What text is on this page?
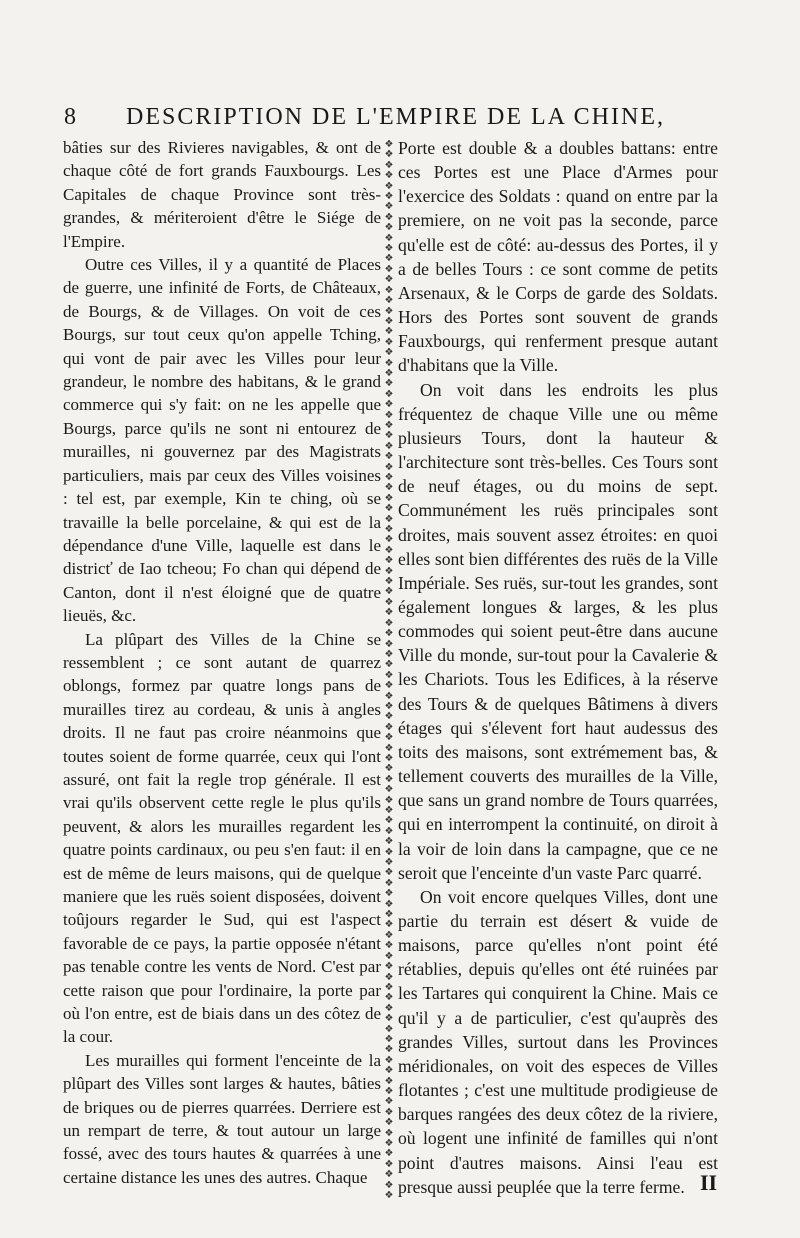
8 DESCRIPTION DE L'EMPIRE DE LA CHINE,

bâties sur des Rivieres navigables, & ont de chaque côté de fort grands Fauxbourgs. Les Capitales de chaque Province sont très-grandes, & mériteroient d'être le Siége de l'Empire.

Outre ces Villes, il y a quantité de Places de guerre, une infinité de Forts, de Châteaux, de Bourgs, & de Villages. On voit de ces Bourgs, sur tout ceux qu'on appelle Tching, qui vont de pair avec les Villes pour leur grandeur, le nombre des habitans, & le grand commerce qui s'y fait: on ne les appelle que Bourgs, parce qu'ils ne sont ni entourez de murailles, ni gouvernez par des Magistrats particuliers, mais par ceux des Villes voisines : tel est, par exemple, Kin te ching, où se travaille la belle porcelaine, & qui est de la dépendance d'une Ville, laquelle est dans le districť de Iao tcheou; Fo chan qui dépend de Canton, dont il n'est éloigné que de quatre lieuës, &c.

La plûpart des Villes de la Chine se ressemblent ; ce sont autant de quarrez oblongs, formez par quatre longs pans de murailles tirez au cordeau, & unis à angles droits. Il ne faut pas croire néanmoins que toutes soient de forme quarrée, ceux qui l'ont assuré, ont fait la regle trop générale. Il est vrai qu'ils observent cette regle le plus qu'ils peuvent, & alors les murailles regardent les quatre points cardinaux, ou peu s'en faut: il en est de même de leurs maisons, qui de quelque maniere que les ruës soient disposées, doivent toûjours regarder le Sud, qui est l'aspect favorable de ce pays, la partie opposée n'étant pas tenable contre les vents de Nord. C'est par cette raison que pour l'ordinaire, la porte par où l'on entre, est de biais dans un des côtez de la cour.

Les murailles qui forment l'enceinte de la plûpart des Villes sont larges & hautes, bâties de briques ou de pierres quarrées. Derriere est un rempart de terre, & tout autour un large fossé, avec des tours hautes & quarrées à une certaine distance les unes des autres. Chaque

❖
❖
❖
❖
❖
❖
❖
❖
❖
❖
❖
❖
❖
❖
❖
❖
❖
❖
❖
❖
❖
❖
❖
❖
❖
❖
❖
❖
❖
❖
❖
❖
❖
❖
❖
❖
❖
❖
❖
❖
❖
❖
❖
❖
❖
❖
❖
❖
❖
❖
❖
❖
❖
❖
❖
❖
❖
❖
❖
❖
❖
❖
❖
❖
❖
❖
❖
❖
❖
❖
❖
❖
❖
❖
❖
❖
❖
❖
❖
❖
❖
❖
❖
❖
❖
❖
❖
❖
❖
❖
❖
❖
❖
❖
❖
❖
❖
❖
❖
❖
❖
❖

Porte est double & a doubles battans: entre ces Portes est une Place d'Armes pour l'exercice des Soldats : quand on entre par la premiere, on ne voit pas la seconde, parce qu'elle est de côté: au-dessus des Portes, il y a de belles Tours : ce sont comme de petits Arsenaux, & le Corps de garde des Soldats. Hors des Portes sont souvent de grands Fauxbourgs, qui renferment presque autant d'habitans que la Ville.

On voit dans les endroits les plus fréquentez de chaque Ville une ou même plusieurs Tours, dont la hauteur & l'architecture sont très-belles. Ces Tours sont de neuf étages, ou du moins de sept. Communément les ruës principales sont droites, mais souvent assez étroites: en quoi elles sont bien différentes des ruës de la Ville Impériale. Ses ruës, sur-tout les grandes, sont également longues & larges, & les plus commodes qui soient peut-être dans aucune Ville du monde, sur-tout pour la Cavalerie & les Chariots. Tous les Edifices, à la réserve des Tours & de quelques Bâtimens à divers étages qui s'élevent fort haut audessus des toits des maisons, sont extrémement bas, & tellement couverts des murailles de la Ville, que sans un grand nombre de Tours quarrées, qui en interrompent la continuité, on diroit à la voir de loin dans la campagne, que ce ne seroit que l'enceinte d'un vaste Parc quarré.

On voit encore quelques Villes, dont une partie du terrain est désert & vuide de maisons, parce qu'elles n'ont point été rétablies, depuis qu'elles ont été ruinées par les Tartares qui conquirent la Chine. Mais ce qu'il y a de particulier, c'est qu'auprès des grandes Villes, surtout dans les Provinces méridionales, on voit des especes de Villes flotantes ; c'est une multitude prodigieuse de barques rangées des deux côtez de la riviere, où logent une infinité de familles qui n'ont point d'autres maisons. Ainsi l'eau est presque aussi peuplée que la terre ferme. II
